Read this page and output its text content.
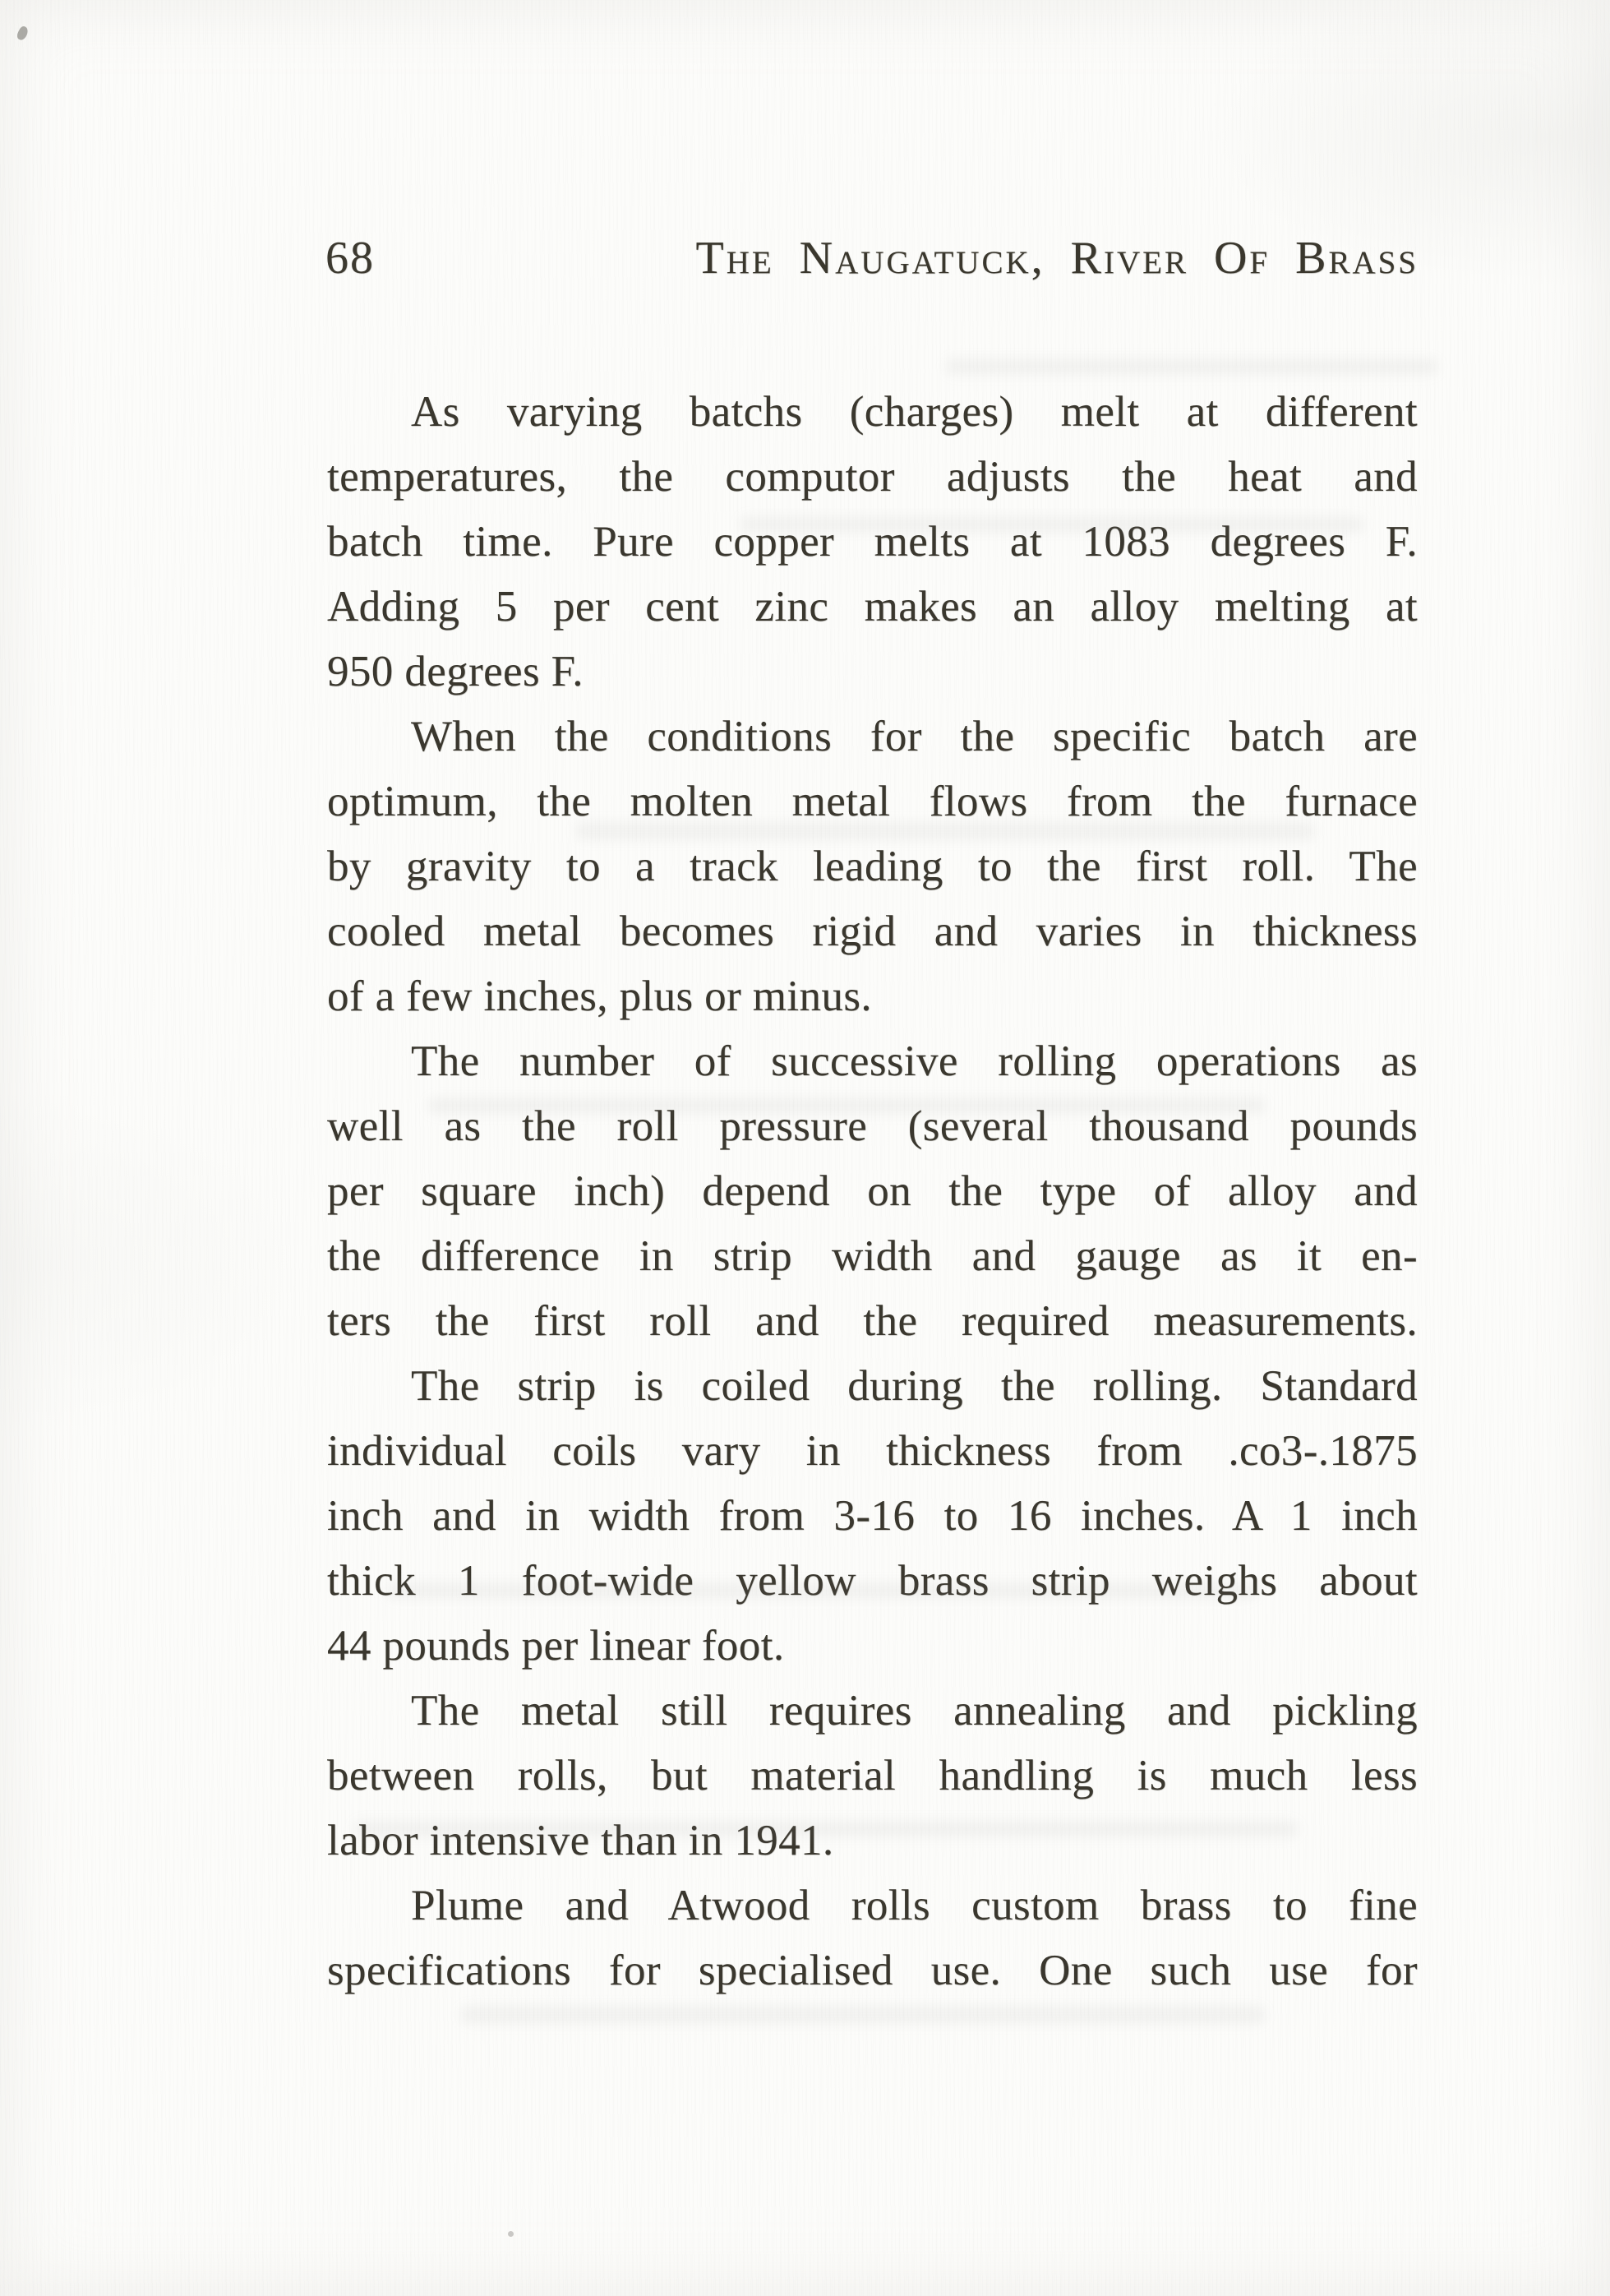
68	The Naugatuck, River Of Brass
As varying batchs (charges) melt at different
temperatures, the computor adjusts the heat and
batch time. Pure copper melts at 1083 degrees F.
Adding 5 per cent zinc makes an alloy melting at
950 degrees F.
When the conditions for the specific batch are
optimum, the molten metal flows from the furnace
by gravity to a track leading to the first roll. The
cooled metal becomes rigid and varies in thickness
of a few inches, plus or minus.
The number of successive rolling operations as
well as the roll pressure (several thousand pounds
per square inch) depend on the type of alloy and
the difference in strip width and gauge as it en-
ters the first roll and the required measurements.
The strip is coiled during the rolling. Standard
individual coils vary in thickness from .co3-.1875
inch and in width from 3-16 to 16 inches. A 1 inch
thick 1 foot-wide yellow brass strip weighs about
44 pounds per linear foot.
The metal still requires annealing and pickling
between rolls, but material handling is much less
labor intensive than in 1941.
Plume and Atwood rolls custom brass to fine
specifications for specialised use. One such use for
